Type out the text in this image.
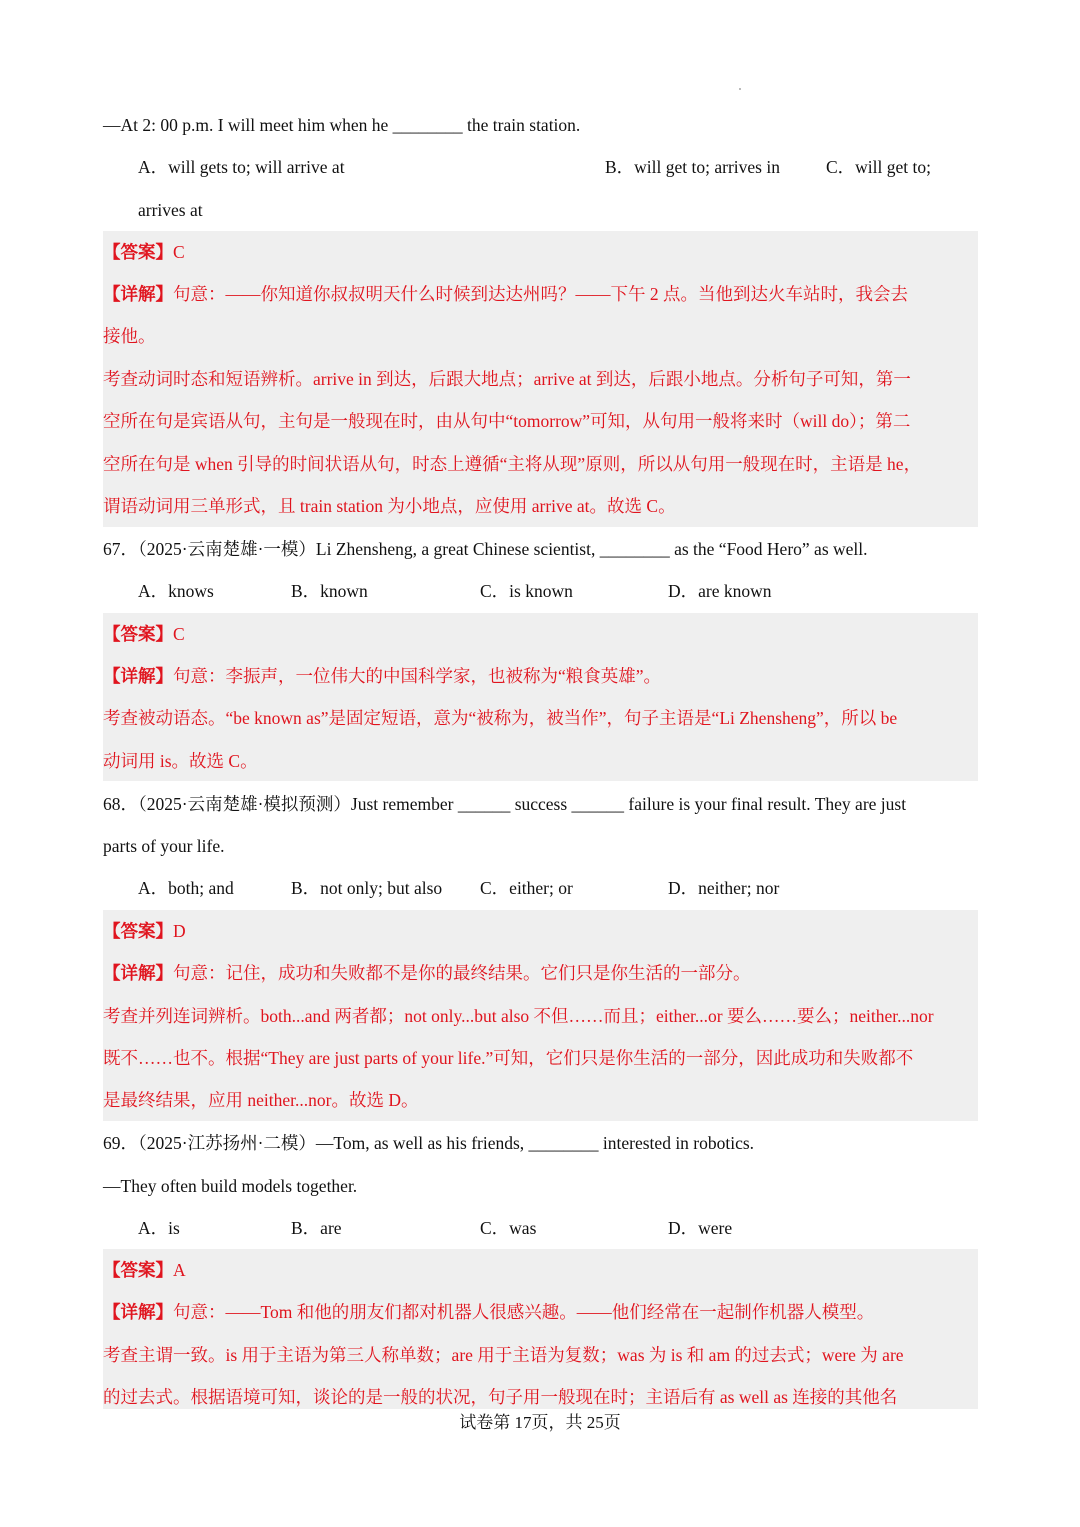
—At 2: 00 p.m. I will meet him when he ________ the train station.
A．will gets to; will arrive at	B．will get to; arrives in	C．will get to;
arrives at
【答案】C
【详解】句意：——你知道你叔叔明天什么时候到达达州吗？——下午 2 点。当他到达火车站时，我会去
接他。
考查动词时态和短语辨析。arrive in 到达，后跟大地点；arrive at 到达，后跟小地点。分析句子可知，第一
空所在句是宾语从句，主句是一般现在时，由从句中“tomorrow”可知，从句用一般将来时（will do）；第二
空所在句是 when 引导的时间状语从句，时态上遵循“主将从现”原则，所以从句用一般现在时，主语是 he，
谓语动词用三单形式，且 train station 为小地点，应使用 arrive at。故选 C。
67．（2025·云南楚雄·一模）Li Zhensheng, a great Chinese scientist, ________ as the “Food Hero” as well.
A．knows	B．known	C．is known	D．are known
【答案】C
【详解】句意：李振声，一位伟大的中国科学家，也被称为“粮食英雄”。
考查被动语态。“be known as”是固定短语，意为“被称为，被当作”，句子主语是“Li Zhensheng”，所以 be
动词用 is。故选 C。
68．（2025·云南楚雄·模拟预测）Just remember ______ success ______ failure is your final result. They are just
parts of your life.
A．both; and	B．not only; but also C．either; or	D．neither; nor
【答案】D
【详解】句意：记住，成功和失败都不是你的最终结果。它们只是你生活的一部分。
考查并列连词辨析。both...and 两者都；not only...but also 不但……而且；either...or 要么……要么；neither...nor
既不……也不。根据“They are just parts of your life.”可知，它们只是你生活的一部分，因此成功和失败都不
是最终结果，应用 neither...nor。故选 D。
69．（2025·江苏扬州·二模）—Tom, as well as his friends, ________ interested in robotics.
—They often build models together.
A．is	B．are	C．was	D．were
【答案】A
【详解】句意：——Tom 和他的朋友们都对机器人很感兴趣。——他们经常在一起制作机器人模型。
考查主谓一致。is 用于主语为第三人称单数；are 用于主语为复数；was 为 is 和 am 的过去式；were 为 are
的过去式。根据语境可知，谈论的是一般的状况，句子用一般现在时；主语后有 as well as 连接的其他名
试卷第 17页，共 25页
